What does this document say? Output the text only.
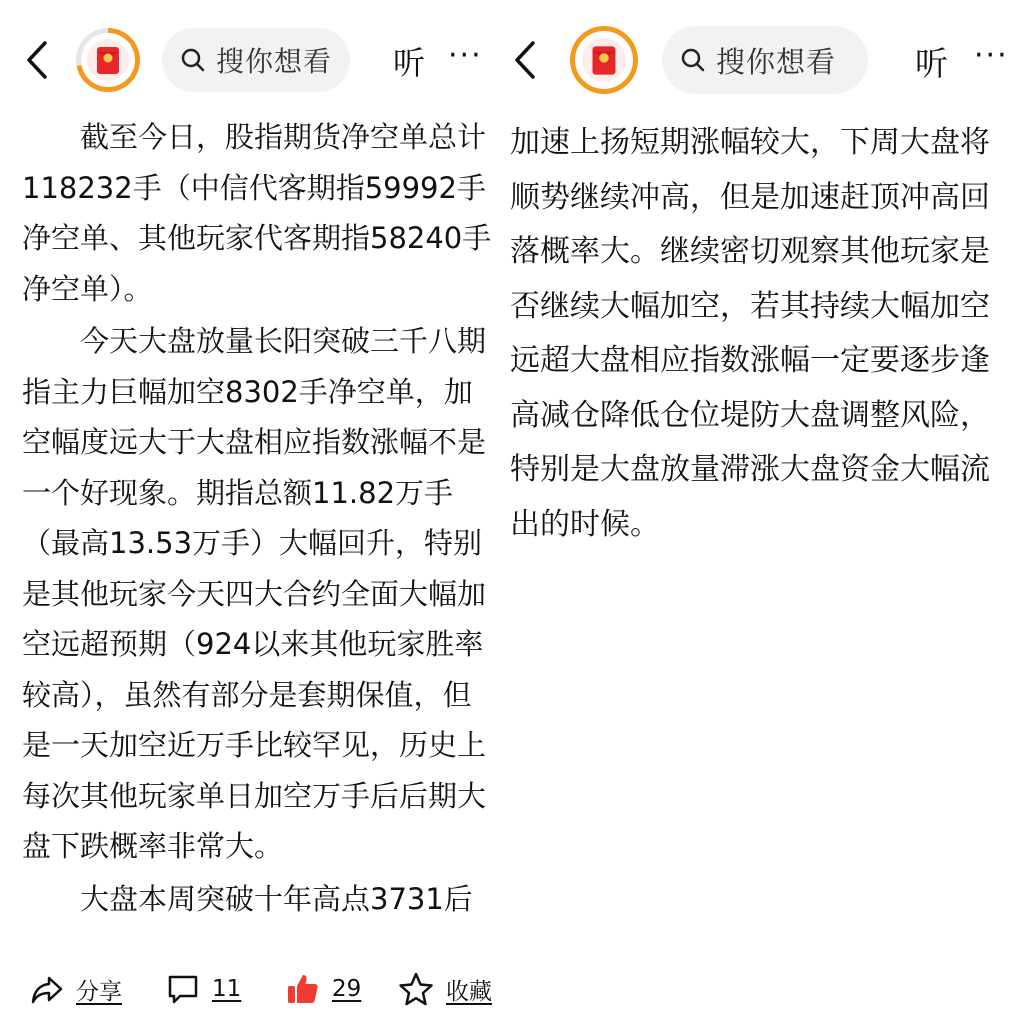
搜你想看 听 ···

截至今日，股指期货净空单总计118232手（中信代客期指59992手净空单、其他玩家代客期指58240手净空单）。

今天大盘放量长阳突破三千八期指主力巨幅加空8302手净空单，加空幅度远大于大盘相应指数涨幅不是一个好现象。期指总额11.82万手（最高13.53万手）大幅回升，特别是其他玩家今天四大合约全面大幅加空远超预期（924以来其他玩家胜率较高），虽然有部分是套期保值，但是一天加空近万手比较罕见，历史上每次其他玩家单日加空万手后后期大盘下跌概率非常大。

大盘本周突破十年高点3731后

分享	11	29	收藏
搜你想看 听 ···

加速上扬短期涨幅较大，下周大盘将顺势继续冲高，但是加速赶顶冲高回落概率大。继续密切观察其他玩家是否继续大幅加空，若其持续大幅加空远超大盘相应指数涨幅一定要逐步逢高减仓降低仓位堤防大盘调整风险，特别是大盘放量滞涨大盘资金大幅流出的时候。
